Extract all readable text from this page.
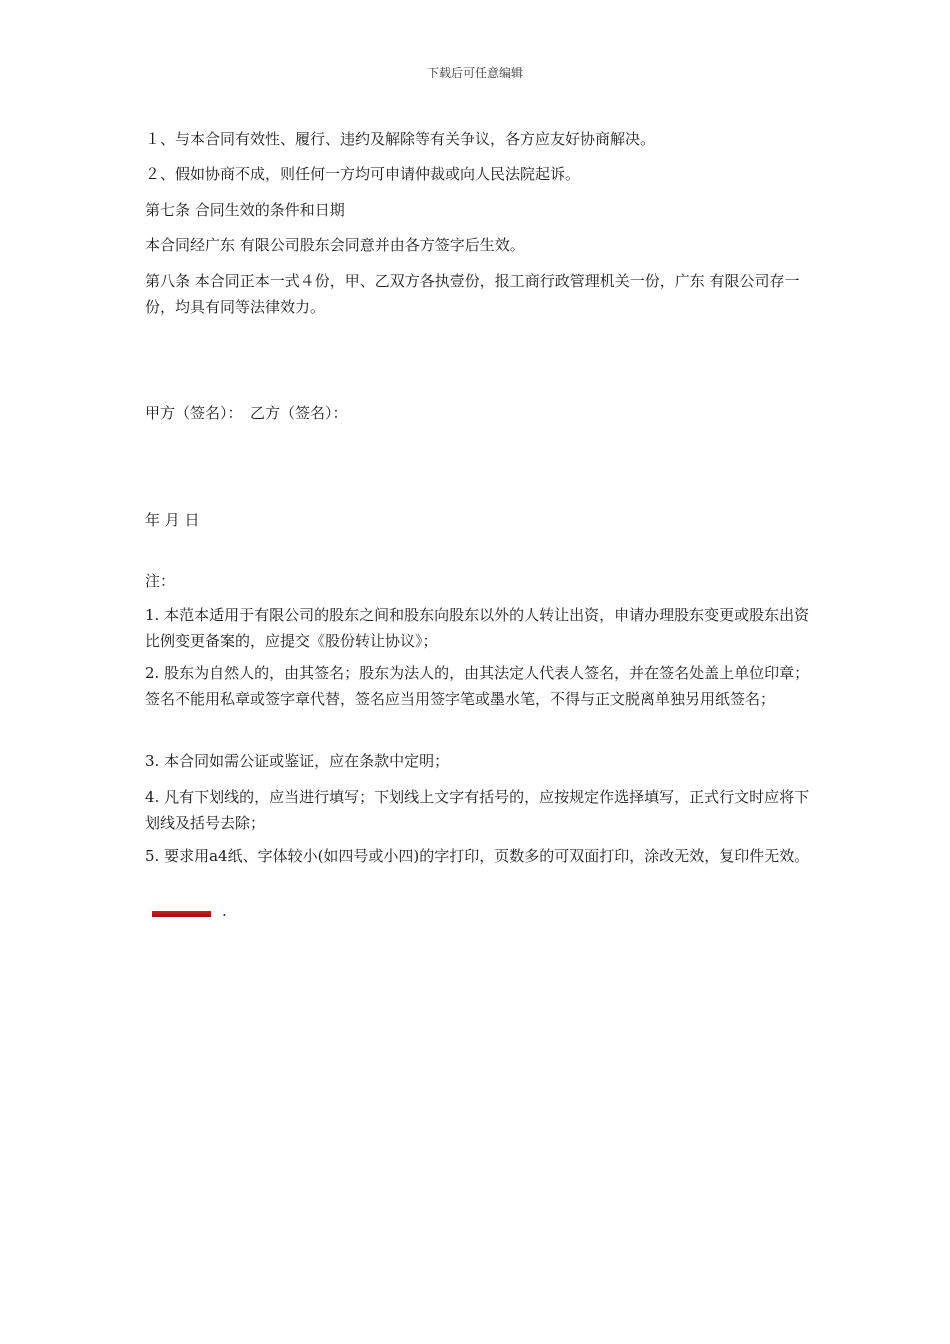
下载后可任意编辑
１、与本合同有效性、履行、违约及解除等有关争议，各方应友好协商解决。
２、假如协商不成，则任何一方均可申请仲裁或向人民法院起诉。
第七条 合同生效的条件和日期
本合同经广东 有限公司股东会同意并由各方签字后生效。
第八条 本合同正本一式４份，甲、乙双方各执壹份，报工商行政管理机关一份，广东 有限公司存一份，均具有同等法律效力。
甲方（签名）：　乙方（签名）：
年 月 日
注：
1. 本范本适用于有限公司的股东之间和股东向股东以外的人转让出资，申请办理股东变更或股东出资比例变更备案的，应提交《股份转让协议》；
2. 股东为自然人的，由其签名；股东为法人的，由其法定人代表人签名，并在签名处盖上单位印章；签名不能用私章或签字章代替，签名应当用签字笔或墨水笔，不得与正文脱离单独另用纸签名；
3. 本合同如需公证或鉴证，应在条款中定明；
4. 凡有下划线的，应当进行填写；下划线上文字有括号的，应按规定作选择填写，正式行文时应将下划线及括号去除；
5. 要求用a4纸、字体较小(如四号或小四)的字打印，页数多的可双面打印，涂改无效，复印件无效。
.
